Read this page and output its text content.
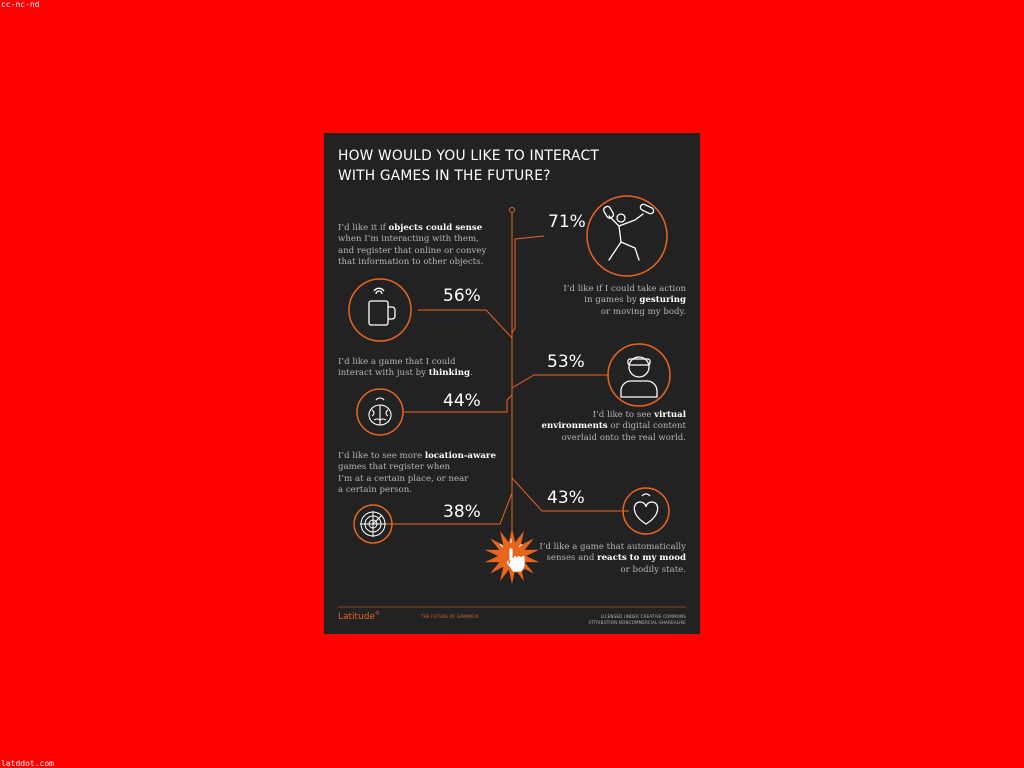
cc-nc-nd
latddot.com
HOW WOULD YOU LIKE TO INTERACT
WITH GAMES IN THE FUTURE?
71%
56%
53%
44%
43%
38%
I’d like if I could take action
in games by gesturing
or moving my body.
I’d like it if objects could sense
when I’m interacting with them,
and register that online or convey
that information to other objects.
I’d like to see virtual
environments or digital content
overlaid onto the real world.
I’d like a game that I could
interact with just by thinking.
I’d like a game that automatically
senses and reacts to my mood
or bodily state.
I’d like to see more location-aware
games that register when
I’m at a certain place, or near
a certain person.
Latitude®	THE FUTURE OF GAMING®	LICENSED UNDER CREATIVE COMMONS
ATTRIBUTION-NONCOMMERCIAL-SHAREALIKE
